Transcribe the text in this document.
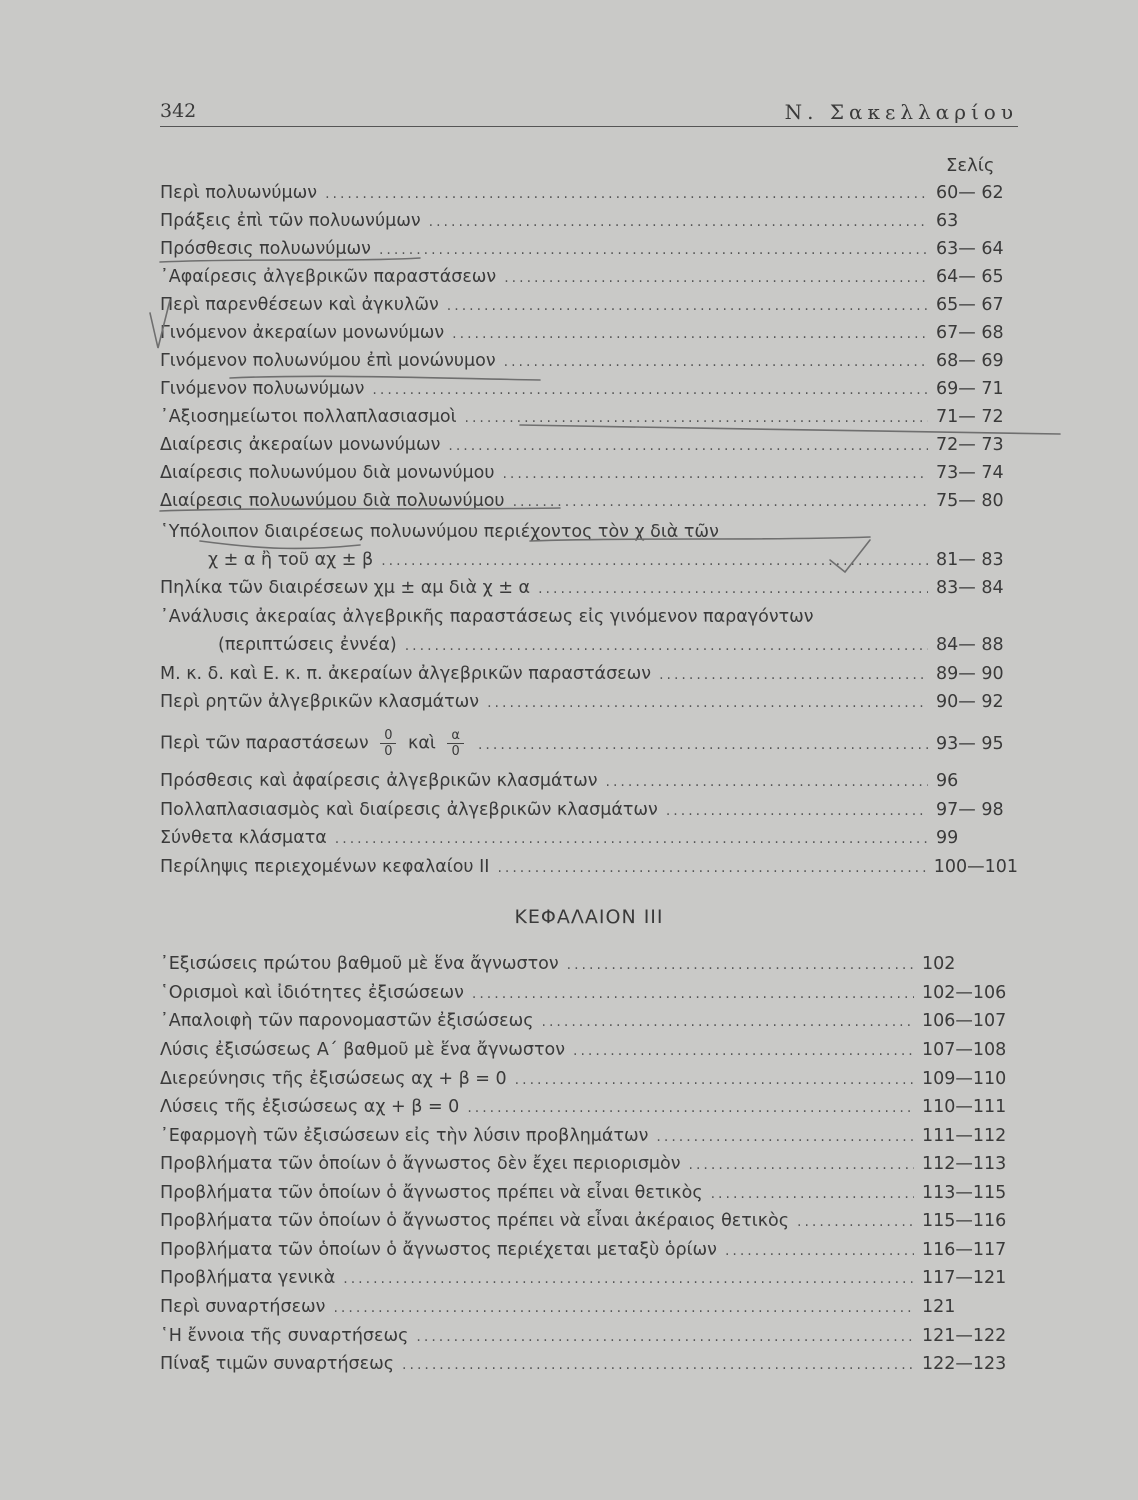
342	Ν. Σακελλαρίου
Σελίς
Περὶ πολυωνύμων .....	60— 62
Πράξεις ἐπὶ τῶν πολυωνύμων .....	63
Πρόσθεσις πολυωνύμων .....	63— 64
᾿Αφαίρεσις ἀλγεβρικῶν παραστάσεων .....	64— 65
Περὶ παρενθέσεων καὶ ἀγκυλῶν .....	65— 67
Γινόμενον ἀκεραίων μονωνύμων .....	67— 68
Γινόμενον πολυωνύμου ἐπὶ μονώνυμον .....	68— 69
Γινόμενον πολυωνύμων .....	69— 71
᾿Αξιοσημείωτοι πολλαπλασιασμοὶ .....	71— 72
Διαίρεσις ἀκεραίων μονωνύμων .....	72— 73
Διαίρεσις πολυωνύμου διὰ μονωνύμου .....	73— 74
Διαίρεσις πολυωνύμου διὰ πολυωνύμου .....	75— 80
῾Υπόλοιπον διαιρέσεως πολυωνύμου περιέχοντος τὸν χ διὰ τῶν
χ ± α ἢ τοῦ αχ ± β .....	81— 83
Πηλίκα τῶν διαιρέσεων χμ ± αμ διὰ χ ± α .....	83— 84
᾿Ανάλυσις ἀκεραίας ἀλγεβρικῆς παραστάσεως εἰς γινόμενον παραγόντων
(περιπτώσεις ἐννέα) .....	84— 88
Μ. κ. δ. καὶ Ε. κ. π. ἀκεραίων ἀλγεβρικῶν παραστάσεων .....	89— 90
Περὶ ρητῶν ἀλγεβρικῶν κλασμάτων .....	90— 92
Περὶ τῶν παραστάσεων $\frac{0}{0}$ καὶ $\frac{\alpha}{0}$ .....	93— 95
Πρόσθεσις καὶ ἀφαίρεσις ἀλγεβρικῶν κλασμάτων .....	96
Πολλαπλασιασμὸς καὶ διαίρεσις ἀλγεβρικῶν κλασμάτων .....	97— 98
Σύνθετα κλάσματα .....	99
Περίληψις περιεχομένων κεφαλαίου II .....	100—101
ΚΕΦΑΛΑΙΟΝ III
᾿Εξισώσεις πρώτου βαθμοῦ μὲ ἕνα ἄγνωστον .....	102
῾Ορισμοὶ καὶ ἰδιότητες ἐξισώσεων .....	102—106
᾿Απαλοιφὴ τῶν παρονομαστῶν ἐξισώσεως .....	106—107
Λύσις ἐξισώσεως Α΄ βαθμοῦ μὲ ἕνα ἄγνωστον .....	107—108
Διερεύνησις τῆς ἐξισώσεως αχ + β = 0 .....	109—110
Λύσεις τῆς ἐξισώσεως αχ + β = 0 .....	110—111
᾿Εφαρμογὴ τῶν ἐξισώσεων εἰς τὴν λύσιν προβλημάτων .....	111—112
Προβλήματα τῶν ὁποίων ὁ ἄγνωστος δὲν ἔχει περιορισμὸν .....	112—113
Προβλήματα τῶν ὁποίων ὁ ἄγνωστος πρέπει νὰ εἶναι θετικὸς .....	113—115
Προβλήματα τῶν ὁποίων ὁ ἄγνωστος πρέπει νὰ εἶναι ἀκέραιος θετικὸς .....	115—116
Προβλήματα τῶν ὁποίων ὁ ἄγνωστος περιέχεται μεταξὺ ὁρίων .....	116—117
Προβλήματα γενικὰ .....	117—121
Περὶ συναρτήσεων .....	121
῾Η ἔννοια τῆς συναρτήσεως .....	121—122
Πίναξ τιμῶν συναρτήσεως .....	122—123
